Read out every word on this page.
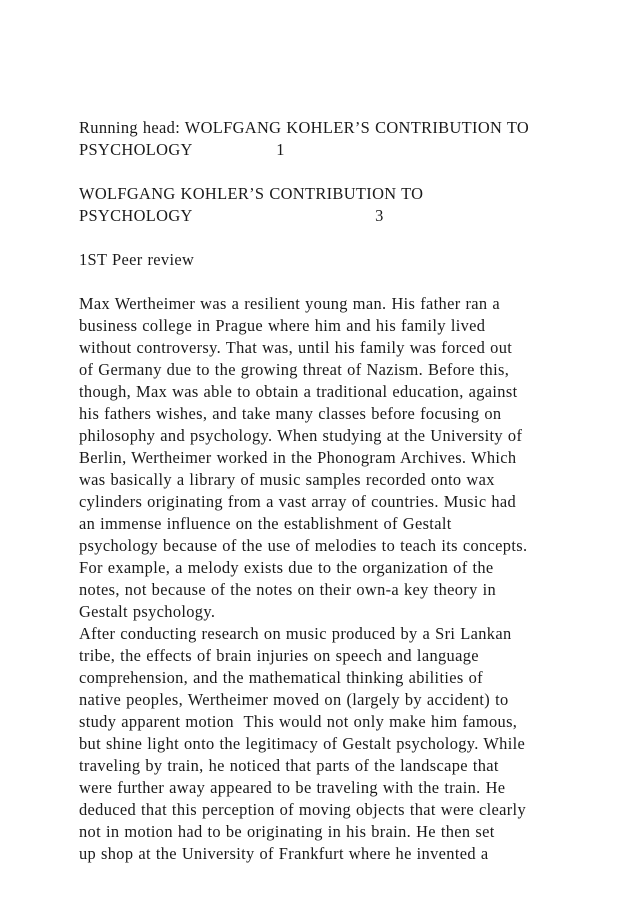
Running head: WOLFGANG KOHLER’S CONTRIBUTION TO
PSYCHOLOGY                 1
WOLFGANG KOHLER’S CONTRIBUTION TO
PSYCHOLOGY                                     3
1ST Peer review
Max Wertheimer was a resilient young man. His father ran a
business college in Prague where him and his family lived
without controversy. That was, until his family was forced out
of Germany due to the growing threat of Nazism. Before this,
though, Max was able to obtain a traditional education, against
his fathers wishes, and take many classes before focusing on
philosophy and psychology. When studying at the University of
Berlin, Wertheimer worked in the Phonogram Archives. Which
was basically a library of music samples recorded onto wax
cylinders originating from a vast array of countries. Music had
an immense influence on the establishment of Gestalt
psychology because of the use of melodies to teach its concepts.
For example, a melody exists due to the organization of the
notes, not because of the notes on their own-a key theory in
Gestalt psychology.
After conducting research on music produced by a Sri Lankan
tribe, the effects of brain injuries on speech and language
comprehension, and the mathematical thinking abilities of
native peoples, Wertheimer moved on (largely by accident) to
study apparent motion  This would not only make him famous,
but shine light onto the legitimacy of Gestalt psychology. While
traveling by train, he noticed that parts of the landscape that
were further away appeared to be traveling with the train. He
deduced that this perception of moving objects that were clearly
not in motion had to be originating in his brain. He then set
up shop at the University of Frankfurt where he invented a
